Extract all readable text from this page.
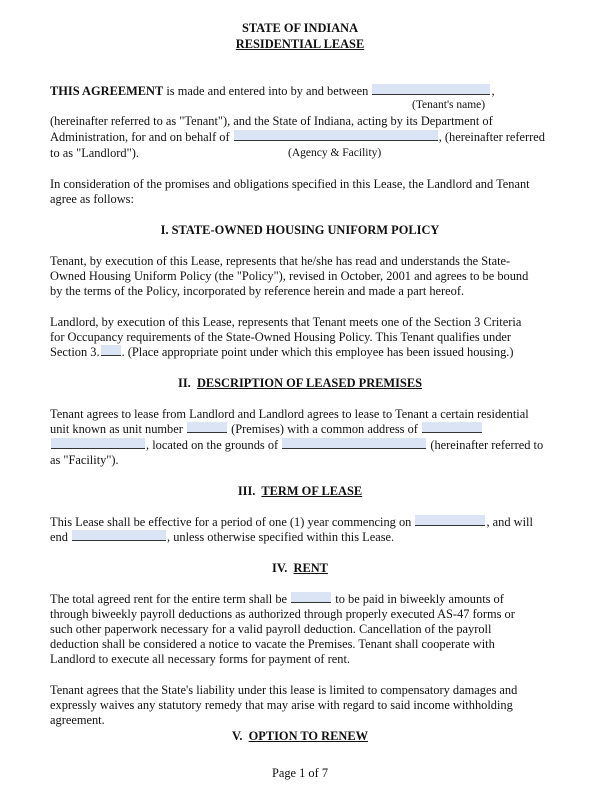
STATE OF INDIANA
RESIDENTIAL LEASE
THIS AGREEMENT is made and entered into by and between	,
(Tenant's name)
(hereinafter referred to as "Tenant"), and the State of Indiana, acting by its Department of
Administration, for and on behalf of	, (hereinafter referred
to as "Landlord").	(Agency & Facility)
In consideration of the promises and obligations specified in this Lease, the Landlord and Tenant
agree as follows:
I. STATE-OWNED HOUSING UNIFORM POLICY
Tenant, by execution of this Lease, represents that he/she has read and understands the State-
Owned Housing Uniform Policy (the "Policy"), revised in October, 2001 and agrees to be bound
by the terms of the Policy, incorporated by reference herein and made a part hereof.
Landlord, by execution of this Lease, represents that Tenant meets one of the Section 3 Criteria
for Occupancy requirements of the State-Owned Housing Policy. This Tenant qualifies under
Section 3. . (Place appropriate point under which this employee has been issued housing.)
II. DESCRIPTION OF LEASED PREMISES
Tenant agrees to lease from Landlord and Landlord agrees to lease to Tenant a certain residential
unit known as unit number	(Premises) with a common address of
, located on the grounds of	(hereinafter referred to
as "Facility").
III. TERM OF LEASE
This Lease shall be effective for a period of one (1) year commencing on	, and will
end	, unless otherwise specified within this Lease.
IV. RENT
The total agreed rent for the entire term shall be	to be paid in biweekly amounts of
through biweekly payroll deductions as authorized through properly executed AS-47 forms or
such other paperwork necessary for a valid payroll deduction. Cancellation of the payroll
deduction shall be considered a notice to vacate the Premises. Tenant shall cooperate with
Landlord to execute all necessary forms for payment of rent.
Tenant agrees that the State's liability under this lease is limited to compensatory damages and
expressly waives any statutory remedy that may arise with regard to said income withholding
agreement.
V. OPTION TO RENEW
Page 1 of 7
